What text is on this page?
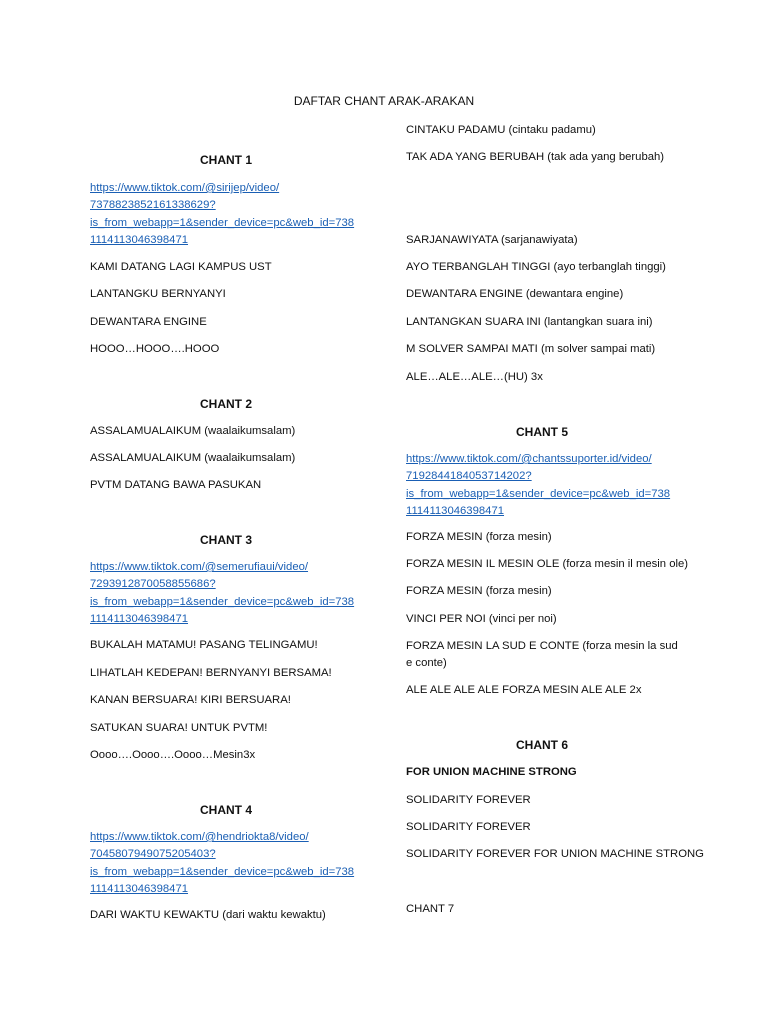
DAFTAR CHANT ARAK-ARAKAN
CHANT 1
https://www.tiktok.com/@sirijep/video/
7378823852161338629?
is_from_webapp=1&sender_device=pc&web_id=738
1114113046398471
KAMI DATANG LAGI KAMPUS UST
LANTANGKU BERNYANYI
DEWANTARA ENGINE
HOOO…HOOO….HOOO
CHANT 2
ASSALAMUALAIKUM (waalaikumsalam)
ASSALAMUALAIKUM (waalaikumsalam)
PVTM DATANG BAWA PASUKAN
CHANT 3
https://www.tiktok.com/@semerufiaui/video/
7293912870058855686?
is_from_webapp=1&sender_device=pc&web_id=738
1114113046398471
BUKALAH MATAMU! PASANG TELINGAMU!
LIHATLAH KEDEPAN! BERNYANYI BERSAMA!
KANAN BERSUARA! KIRI BERSUARA!
SATUKAN SUARA! UNTUK PVTM!
Oooo….Oooo….Oooo…Mesin3x
CHANT 4
https://www.tiktok.com/@hendriokta8/video/
7045807949075205403?
is_from_webapp=1&sender_device=pc&web_id=738
1114113046398471
DARI WAKTU KEWAKTU (dari waktu kewaktu)
CINTAKU PADAMU (cintaku padamu)
TAK ADA YANG BERUBAH (tak ada yang berubah)
SARJANAWIYATA (sarjanawiyata)
AYO TERBANGLAH TINGGI (ayo terbanglah tinggi)
DEWANTARA ENGINE (dewantara engine)
LANTANGKAN SUARA INI (lantangkan suara ini)
M SOLVER SAMPAI MATI (m solver sampai mati)
ALE…ALE…ALE…(HU) 3x
CHANT 5
https://www.tiktok.com/@chantssuporter.id/video/
7192844184053714202?
is_from_webapp=1&sender_device=pc&web_id=738
1114113046398471
FORZA MESIN (forza mesin)
FORZA MESIN IL MESIN OLE (forza mesin il mesin ole)
FORZA MESIN (forza mesin)
VINCI PER NOI (vinci per noi)
FORZA MESIN LA SUD E CONTE (forza mesin la sud e conte)
ALE ALE ALE ALE FORZA MESIN ALE ALE 2x
CHANT 6
FOR UNION MACHINE STRONG
SOLIDARITY FOREVER
SOLIDARITY FOREVER
SOLIDARITY FOREVER FOR UNION MACHINE STRONG
CHANT 7
